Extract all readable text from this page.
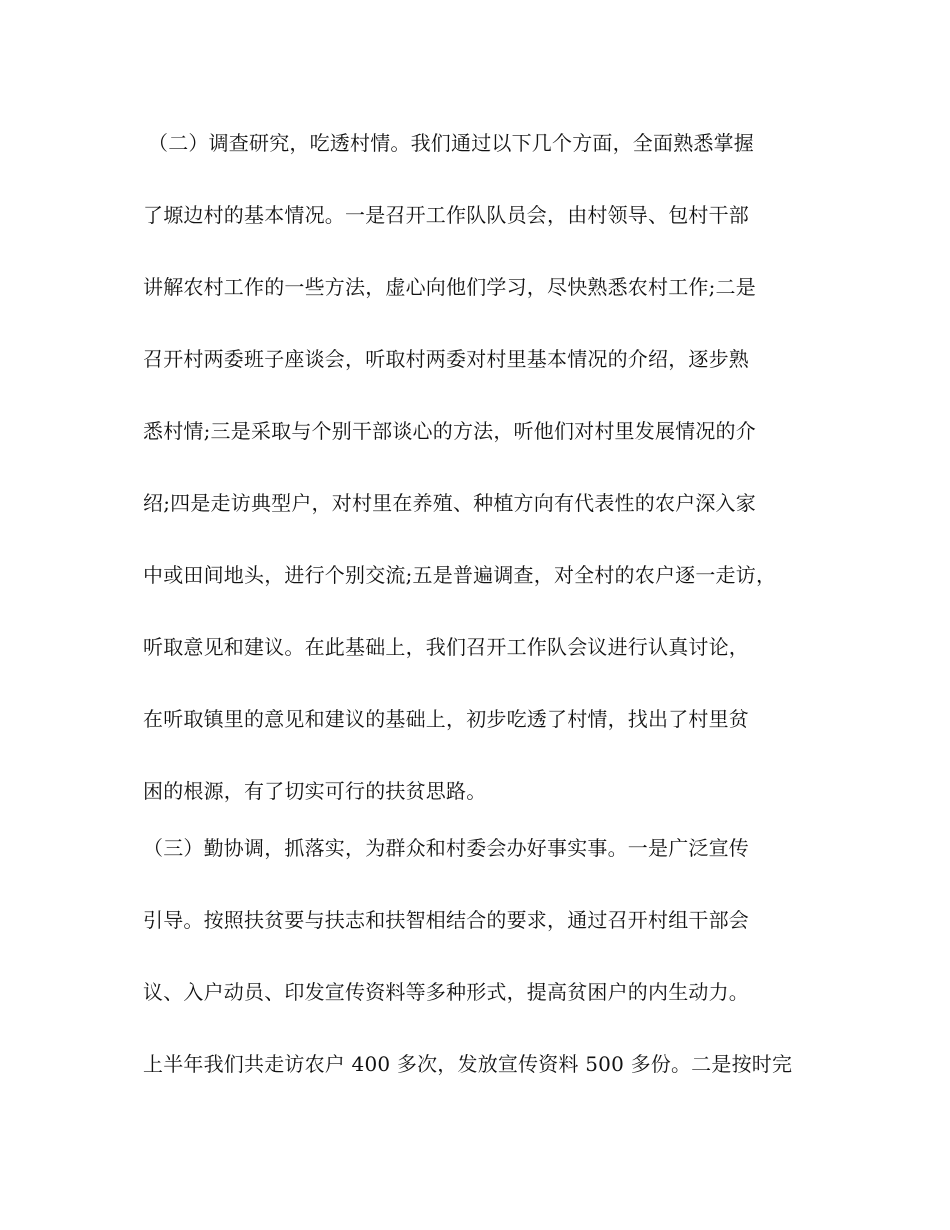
（二）调查研究，吃透村情。我们通过以下几个方面，全面熟悉掌握
了塬边村的基本情况。一是召开工作队队员会，由村领导、包村干部
讲解农村工作的一些方法，虚心向他们学习，尽快熟悉农村工作;二是
召开村两委班子座谈会，听取村两委对村里基本情况的介绍，逐步熟
悉村情;三是采取与个别干部谈心的方法，听他们对村里发展情况的介
绍;四是走访典型户，对村里在养殖、种植方向有代表性的农户深入家
中或田间地头，进行个别交流;五是普遍调查，对全村的农户逐一走访，
听取意见和建议。在此基础上，我们召开工作队会议进行认真讨论，
在听取镇里的意见和建议的基础上，初步吃透了村情，找出了村里贫
困的根源，有了切实可行的扶贫思路。
（三）勤协调，抓落实，为群众和村委会办好事实事。一是广泛宣传
引导。按照扶贫要与扶志和扶智相结合的要求，通过召开村组干部会
议、入户动员、印发宣传资料等多种形式，提高贫困户的内生动力。
上半年我们共走访农户 400 多次，发放宣传资料 500 多份。二是按时完
